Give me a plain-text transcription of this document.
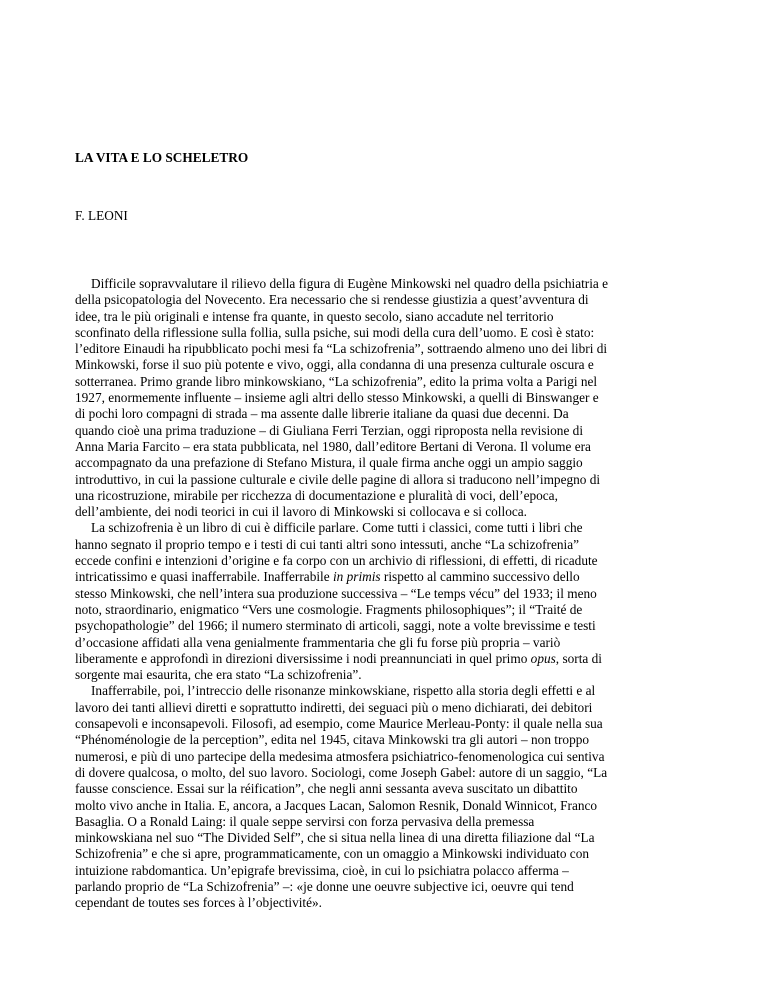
LA VITA E LO SCHELETRO
F. LEONI
Difficile sopravvalutare il rilievo della figura di Eugène Minkowski nel quadro della psichiatria e
della psicopatologia del Novecento. Era necessario che si rendesse giustizia a quest’avventura di
idee, tra le più originali e intense fra quante, in questo secolo, siano accadute nel territorio
sconfinato della riflessione sulla follia, sulla psiche, sui modi della cura dell’uomo. E così è stato:
l’editore Einaudi ha ripubblicato pochi mesi fa “La schizofrenia”, sottraendo almeno uno dei libri di
Minkowski, forse il suo più potente e vivo, oggi, alla condanna di una presenza culturale oscura e
sotterranea. Primo grande libro minkowskiano, “La schizofrenia”, edito la prima volta a Parigi nel
1927, enormemente influente – insieme agli altri dello stesso Minkowski, a quelli di Binswanger e
di pochi loro compagni di strada – ma assente dalle librerie italiane da quasi due decenni. Da
quando cioè una prima traduzione – di Giuliana Ferri Terzian, oggi riproposta nella revisione di
Anna Maria Farcito – era stata pubblicata, nel 1980, dall’editore Bertani di Verona. Il volume era
accompagnato da una prefazione di Stefano Mistura, il quale firma anche oggi un ampio saggio
introduttivo, in cui la passione culturale e civile delle pagine di allora si traducono nell’impegno di
una ricostruzione, mirabile per ricchezza di documentazione e pluralità di voci, dell’epoca,
dell’ambiente, dei nodi teorici in cui il lavoro di Minkowski si collocava e si colloca.
La schizofrenia è un libro di cui è difficile parlare. Come tutti i classici, come tutti i libri che
hanno segnato il proprio tempo e i testi di cui tanti altri sono intessuti, anche “La schizofrenia”
eccede confini e intenzioni d’origine e fa corpo con un archivio di riflessioni, di effetti, di ricadute
intricatissimo e quasi inafferrabile. Inafferrabile in primis rispetto al cammino successivo dello
stesso Minkowski, che nell’intera sua produzione successiva – “Le temps vécu” del 1933; il meno
noto, straordinario, enigmatico “Vers une cosmologie. Fragments philosophiques”; il “Traité de
psychopathologie” del 1966; il numero sterminato di articoli, saggi, note a volte brevissime e testi
d’occasione affidati alla vena genialmente frammentaria che gli fu forse più propria – variò
liberamente e approfondì in direzioni diversissime i nodi preannunciati in quel primo opus, sorta di
sorgente mai esaurita, che era stato “La schizofrenia”.
Inafferrabile, poi, l’intreccio delle risonanze minkowskiane, rispetto alla storia degli effetti e al
lavoro dei tanti allievi diretti e soprattutto indiretti, dei seguaci più o meno dichiarati, dei debitori
consapevoli e inconsapevoli. Filosofi, ad esempio, come Maurice Merleau-Ponty: il quale nella sua
“Phénoménologie de la perception”, edita nel 1945, citava Minkowski tra gli autori – non troppo
numerosi, e più di uno partecipe della medesima atmosfera psichiatrico-fenomenologica cui sentiva
di dovere qualcosa, o molto, del suo lavoro. Sociologi, come Joseph Gabel: autore di un saggio, “La
fausse conscience. Essai sur la réification”, che negli anni sessanta aveva suscitato un dibattito
molto vivo anche in Italia. E, ancora, a Jacques Lacan, Salomon Resnik, Donald Winnicot, Franco
Basaglia. O a Ronald Laing: il quale seppe servirsi con forza pervasiva della premessa
minkowskiana nel suo “The Divided Self”, che si situa nella linea di una diretta filiazione dal “La
Schizofrenia” e che si apre, programmaticamente, con un omaggio a Minkowski individuato con
intuizione rabdomantica. Un’epigrafe brevissima, cioè, in cui lo psichiatra polacco afferma –
parlando proprio de “La Schizofrenia” –: «je donne une oeuvre subjective ici, oeuvre qui tend
cependant de toutes ses forces à l’objectivité».
